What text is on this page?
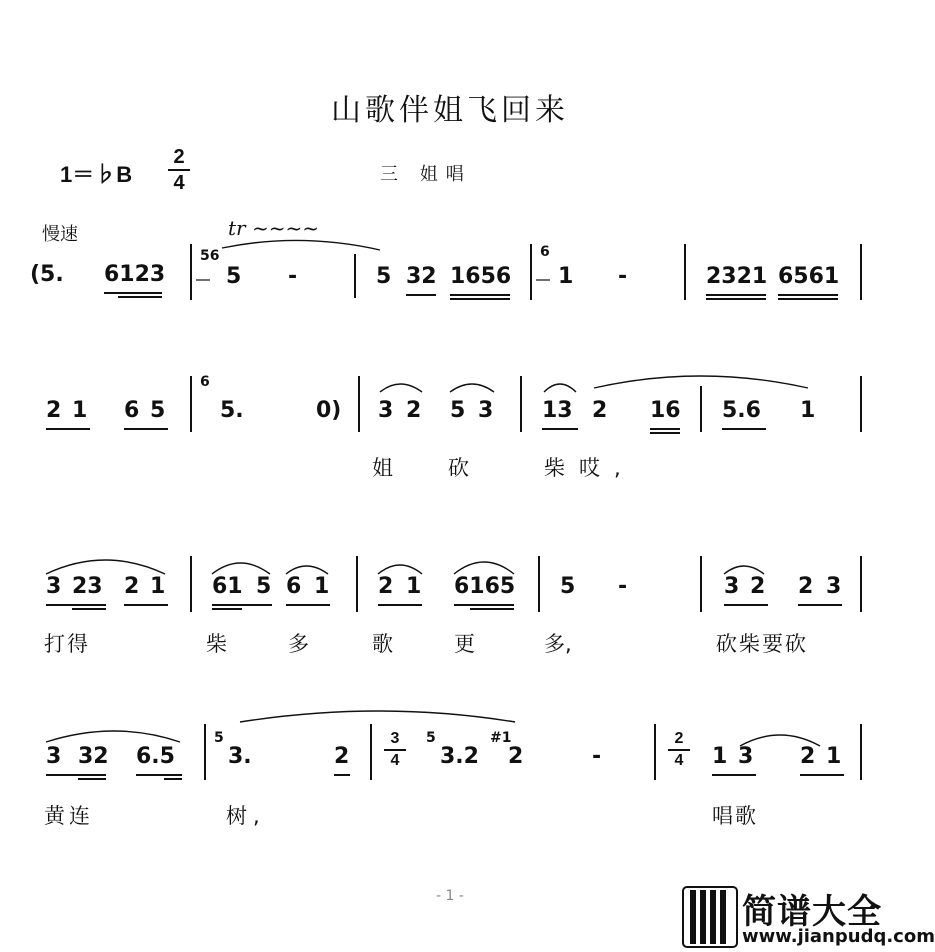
山歌伴姐飞回来
1＝♭B
2
4	三 姐唱
慢速	tr ~~~~
(5. 6123
56
5 -	5 32 1656
6
1 -	2321 6561
2 1 6 5
6
5.	0) 3 2 5 3 13 2 16 5.6 1
姐	砍	柴哎,
3 23 2 1 61 5 6 1 2 1 6165 5 -	3 2 2 3
打得	柴	多	歌	更	多,	砍柴要砍
3 32 6.5
5
3.	2
3
4
5
3.2
#1
2	-
2
4 1 3 2 1
黄连	树,	唱歌
- 1 -	简谱大全
www.jianpudq.com
